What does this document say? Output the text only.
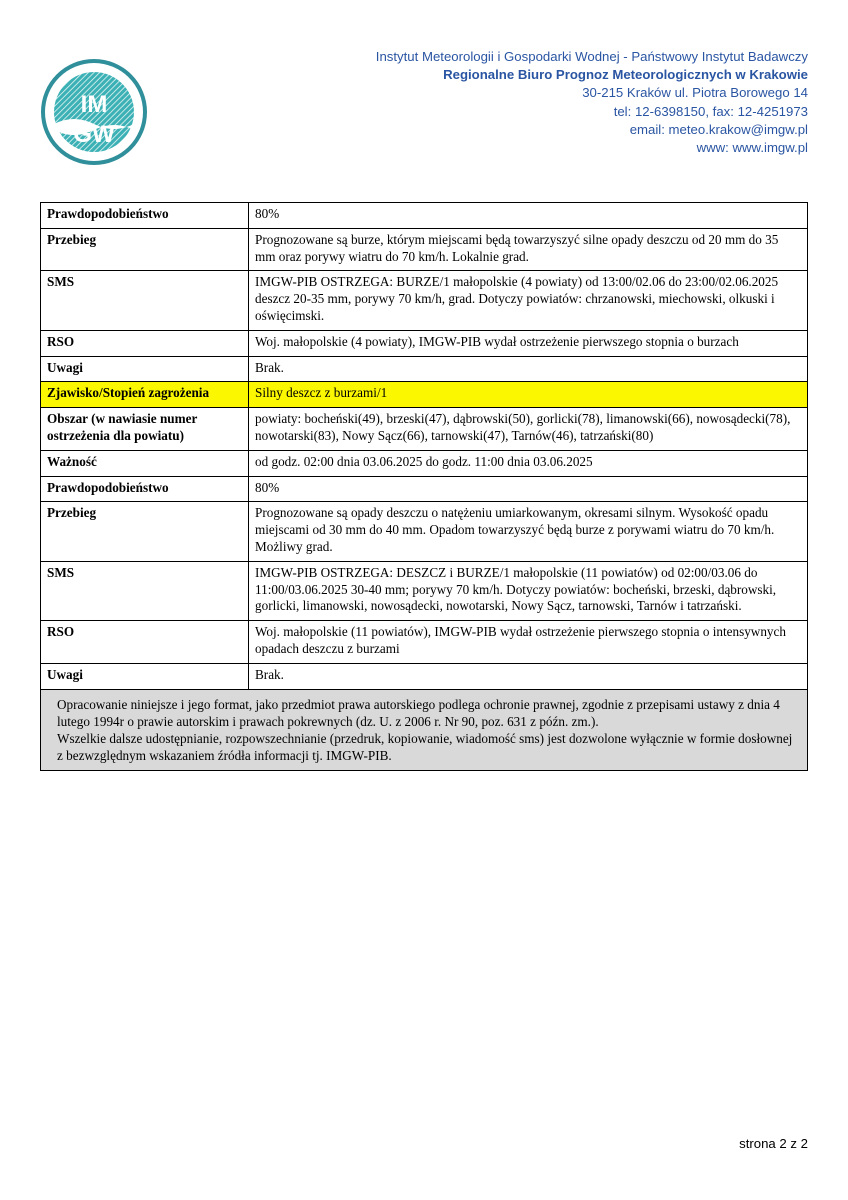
IM
GW
Instytut Meteorologii i Gospodarki Wodnej - Państwowy Instytut Badawczy
Regionalne Biuro Prognoz Meteorologicznych w Krakowie
30-215 Kraków ul. Piotra Borowego 14
tel: 12-6398150, fax: 12-4251973
email: meteo.krakow@imgw.pl
www: www.imgw.pl
Prawdopodobieństwo	80%
Przebieg	Prognozowane są burze, którym miejscami będą towarzyszyć silne opady deszczu od 20 mm do 35 mm oraz porywy wiatru do 70 km/h. Lokalnie grad.
SMS	IMGW-PIB OSTRZEGA: BURZE/1 małopolskie (4 powiaty) od 13:00/02.06 do 23:00/02.06.2025 deszcz 20-35 mm, porywy 70 km/h, grad. Dotyczy powiatów: chrzanowski, miechowski, olkuski i oświęcimski.
RSO	Woj. małopolskie (4 powiaty), IMGW-PIB wydał ostrzeżenie pierwszego stopnia o burzach
Uwagi	Brak.
Zjawisko/Stopień zagrożenia	Silny deszcz z burzami/1
Obszar (w nawiasie numer ostrzeżenia dla powiatu)	powiaty: bocheński(49), brzeski(47), dąbrowski(50), gorlicki(78), limanowski(66), nowosądecki(78), nowotarski(83), Nowy Sącz(66), tarnowski(47), Tarnów(46), tatrzański(80)
Ważność	od godz. 02:00 dnia 03.06.2025 do godz. 11:00 dnia 03.06.2025
Prawdopodobieństwo	80%
Przebieg	Prognozowane są opady deszczu o natężeniu umiarkowanym, okresami silnym. Wysokość opadu miejscami od 30 mm do 40 mm. Opadom towarzyszyć będą burze z porywami wiatru do 70 km/h. Możliwy grad.
SMS	IMGW-PIB OSTRZEGA: DESZCZ i BURZE/1 małopolskie (11 powiatów) od 02:00/03.06 do 11:00/03.06.2025 30-40 mm; porywy 70 km/h. Dotyczy powiatów: bocheński, brzeski, dąbrowski, gorlicki, limanowski, nowosądecki, nowotarski, Nowy Sącz, tarnowski, Tarnów i tatrzański.
RSO	Woj. małopolskie (11 powiatów), IMGW-PIB wydał ostrzeżenie pierwszego stopnia o intensywnych opadach deszczu z burzami
Uwagi	Brak.

Opracowanie niniejsze i jego format, jako przedmiot prawa autorskiego podlega ochronie prawnej, zgodnie z przepisami ustawy z dnia 4 lutego 1994r o prawie autorskim i prawach pokrewnych (dz. U. z 2006 r. Nr 90, poz. 631 z późn. zm.).
Wszelkie dalsze udostępnianie, rozpowszechnianie (przedruk, kopiowanie, wiadomość sms) jest dozwolone wyłącznie w formie dosłownej z bezwzględnym wskazaniem źródła informacji tj. IMGW-PIB.	
strona 2 z 2
